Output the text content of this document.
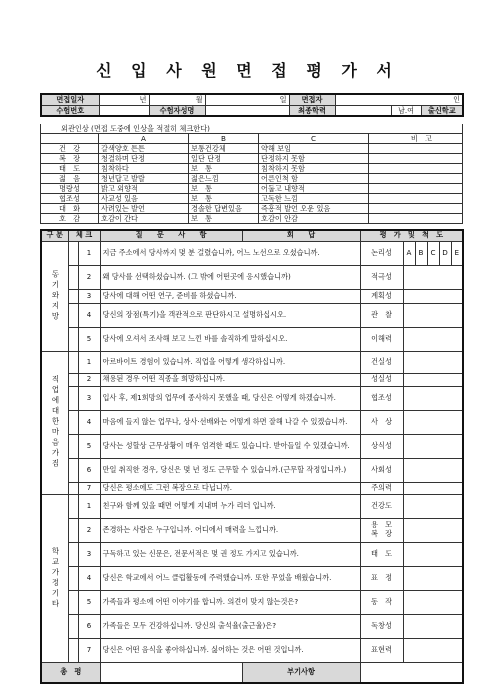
신 입 사 원 면 접 평 가 서
면접일자	년	월	일	면접자	인		
수험번호		수험자성명		최종학력		남.여	출신학교
외관인상 (면접 도중에 인상을 적절히 체크한다)				
	A	B	C	비　고
건　강	갈색양호 튼튼	보통건강체	약해 보임	
복　장	청결하며 단정	일단 단정	단정하지 못함	
태　도	침착하다	보　통	침착하지 못함	
젊　음	청년답고 발랄	젊은느낌	어른인척 함	
명랑성	밝고 외향적	보　통	어둡고 내향적	
협조성	사교성 있음	보　통	고독한 느낌	
대　화	사려있는 발언	경솔한 답변있음	즉흥적 발언 오운 있음	
호　감	호감이 간다	보　통	호감이 안감	
구 분	체 크		질　　문　　사　　항	회　　답	평　가　및　척　도					
동기와지망		1	지금 주소에서 당사까지 몇 분 걸렸습니까, 어느 노선으로 오셨습니까.		논리성	A	B	C	D	E
		2	왜 당사를 선택하셨습니까. (그 밖에 어떤곳에 응시했습니까)		적극성					
		3	당사에 대해 어떤 연구, 준비를 하셨습니까.		계획성					
		4	당신의 장점(특기)을 객관적으로 판단하시고 설명하십시오.		관　찰					
		5	당사에 오셔서 조사해 보고 느낀 바를 솔직하게 말하십시오.		이해력					
직업에대한마음가짐		1	아르바이트 경험이 있습니까. 직업을 어떻게 생각하십니까.		건실성					
		2	채용된 경우 어떤 직종을 희망하십니까.		성실성					
		3	입사 후, 제1희망의 업무에 종사하지 못했을 때, 당신은 어떻게 하겠습니까.		협조성					
		4	마음에 들지 않는 업무나, 상사·선배와는 어떻게 하면 잘해 나갈 수 있겠습니까.		사　상					
		5	당사는 성할상 근무상황이 매우 엄격한 때도 있습니다. 받아들일 수 있겠습니까.		상식성					
		6	만일 취직한 경우, 당신은 몇 년 정도 근무할 수 있습니까.(근무할 작정입니까.)		사회성					
		7	당신은 평소에도 그런 복장으로 다닙니까.		주의력					
학교가정기타		1	친구와 함께 있을 때면 어떻게 지내며 누가 리더 입니까.		건강도					
		2	존경하는 사람은 누구입니까. 어디에서 매력을 느낍니까.		용　모
복　장					
		3	구독하고 있는 신문은, 전문서적은 몇 권 정도 가지고 있습니까.		태　도					
		4	당신은 학교에서 어느 클럽활동에 주력했습니까. 또한 무었을 배웠습니까.		표　정					
		5	가족들과 평소에 어떤 이야기를 합니까. 의견이 맞지 않는것은?		동　작					
		6	가족들은 모두 건강하십니까. 당신의 출석율(출근율)은?		독창성					
		7	당신은 어떤 음식을 좋아하십니까. 싫어하는 것은 어떤 것입니까.		표현력					
총　평				부기사항						
